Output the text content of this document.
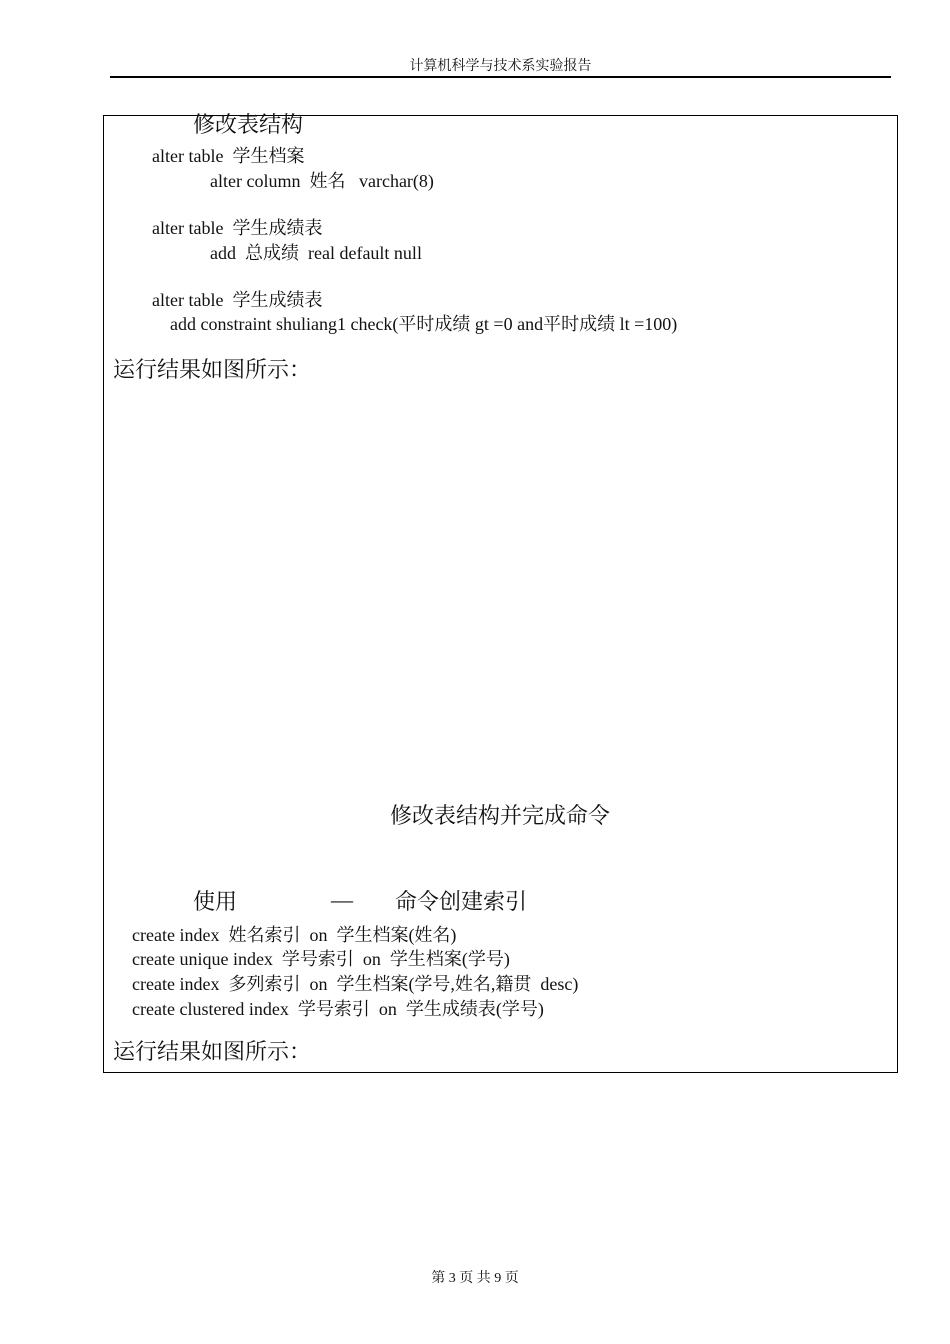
计算机科学与技术系实验报告
修改表结构
alter table  学生档案
alter column  姓名   varchar(8)
alter table  学生成绩表
add  总成绩  real default null
alter table  学生成绩表
add constraint shuliang1 check(平时成绩 gt =0 and平时成绩 lt =100)
运行结果如图所示：
修改表结构并完成命令
使用	— 命令创建索引
create index  姓名索引  on  学生档案(姓名)
create unique index  学号索引  on  学生档案(学号)
create index  多列索引  on  学生档案(学号,姓名,籍贯  desc)
create clustered index  学号索引  on  学生成绩表(学号)
运行结果如图所示：
第 3 页 共 9 页
